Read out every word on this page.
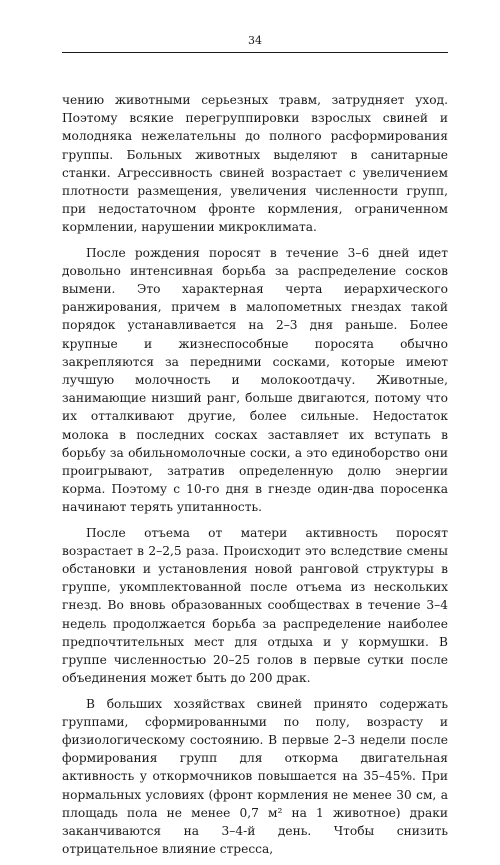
34

чению животными серьезных травм, затрудняет уход. Поэтому всякие перегруппировки взрослых свиней и молодняка нежелательны до полного расформирования группы. Больных животных выделяют в санитарные станки. Агрессивность свиней возрастает с увеличением плотности размещения, увеличения численности групп, при недостаточном фронте кормления, ограниченном кормлении, нарушении микроклимата.

После рождения поросят в течение 3–6 дней идет довольно интенсивная борьба за распределение сосков вымени. Это характерная черта иерархического ранжирования, причем в малопометных гнездах такой порядок устанавливается на 2–3 дня раньше. Более крупные и жизнеспособные поросята обычно закрепляются за передними сосками, которые имеют лучшую молочность и молокоотдачу. Животные, занимающие низший ранг, больше двигаются, потому что их отталкивают другие, более сильные. Недостаток молока в последних сосках заставляет их вступать в борьбу за обильномолочные соски, а это единоборство они проигрывают, затратив определенную долю энергии корма. Поэтому с 10-го дня в гнезде один-два поросенка начинают терять упитанность.

После отъема от матери активность поросят возрастает в 2–2,5 раза. Происходит это вследствие смены обстановки и установления новой ранговой структуры в группе, укомплектованной после отъема из нескольких гнезд. Во вновь образованных сообществах в течение 3–4 недель продолжается борьба за распределение наиболее предпочтительных мест для отдыха и у кормушки. В группе численностью 20–25 голов в первые сутки после объединения может быть до 200 драк.

В больших хозяйствах свиней принято содержать группами, сформированными по полу, возрасту и физиологическому состоянию. В первые 2–3 недели после формирования групп для откорма двигательная активность у откормочников повышается на 35–45%. При нормальных условиях (фронт кормления не менее 30 см, а площадь пола не менее 0,7 м² на 1 животное) драки заканчиваются на 3–4-й день. Чтобы снизить отрицательное влияние стресса,
